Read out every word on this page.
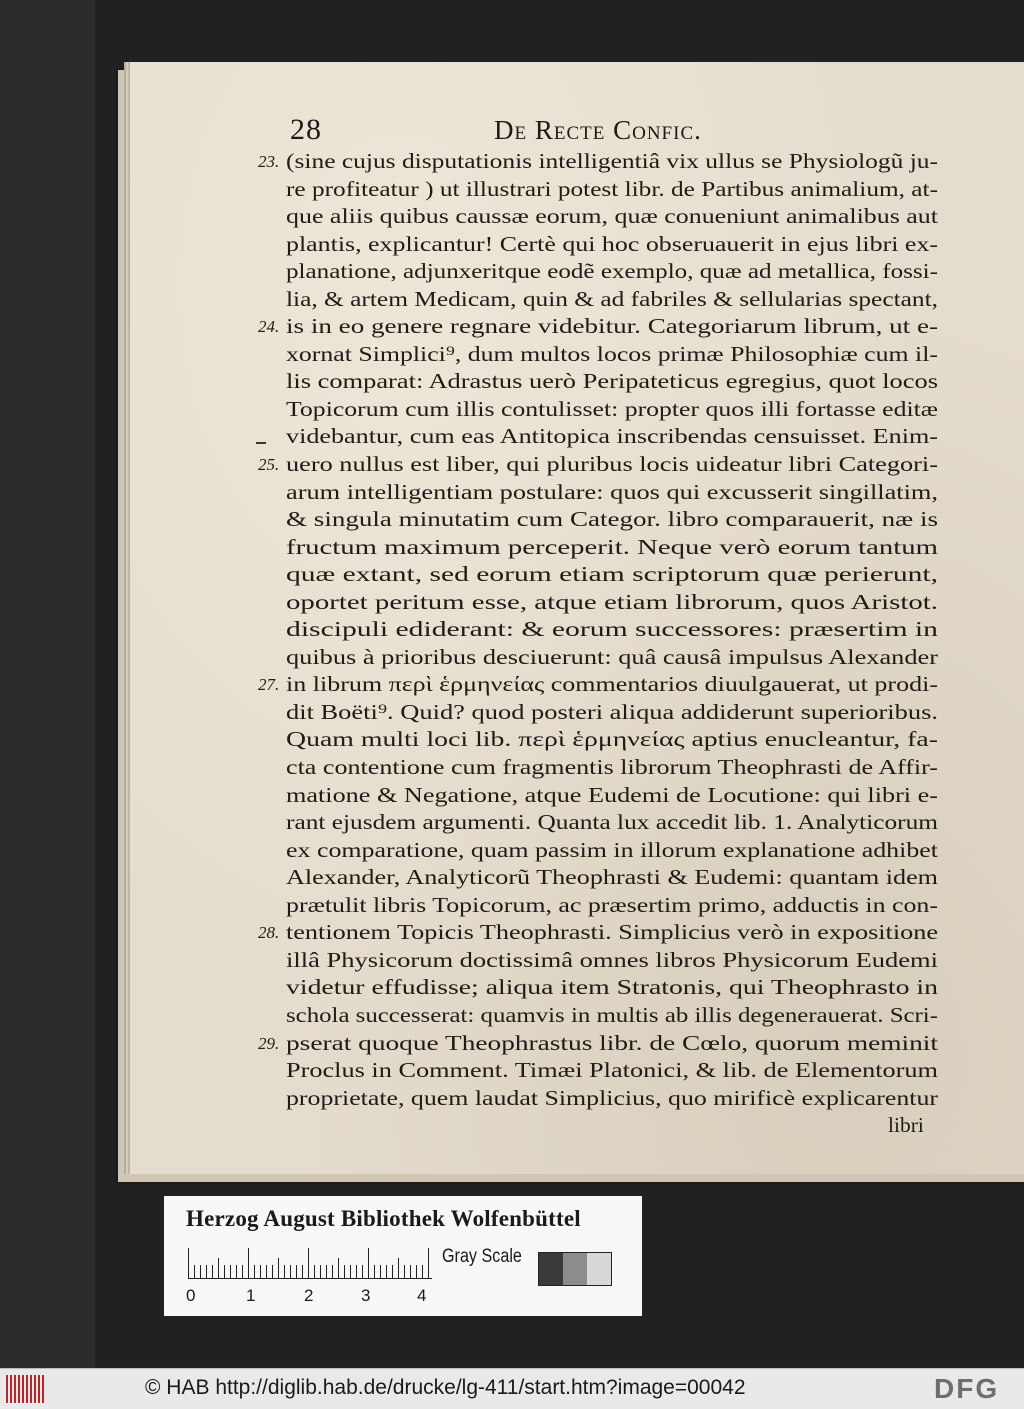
28	De Recte Confic.
23. (sine cujus disputationis intelligentiâ vix ullus se Physiologũ ju-
re profiteatur ) ut illustrari potest libr. de Partibus animalium, at-
que aliis quibus caussæ eorum, quæ conueniunt animalibus aut
plantis, explicantur! Certè qui hoc obseruauerit in ejus libri ex-
planatione, adjunxeritque eodẽ exemplo, quæ ad metallica, fossi-
lia, & artem Medicam, quin & ad fabriles & sellularias spectant,
24. is in eo genere regnare videbitur. Categoriarum librum, ut e-
xornat Simplici⁹, dum multos locos primæ Philosophiæ cum il-
lis comparat: Adrastus uerò Peripateticus egregius, quot locos
Topicorum cum illis contulisset: propter quos illi fortasse editæ
videbantur, cum eas Antitopica inscribendas censuisset. Enim-
25. uero nullus est liber, qui pluribus locis uideatur libri Categori-
arum intelligentiam postulare: quos qui excusserit singillatim,
& singula minutatim cum Categor. libro comparauerit, næ is
fructum maximum perceperit. Neque verò eorum tantum
quæ extant, sed eorum etiam scriptorum quæ perierunt,
oportet peritum esse, atque etiam librorum, quos Aristot.
discipuli ediderant: & eorum successores: præsertim in
quibus à prioribus desciuerunt: quâ causâ impulsus Alexander
27. in librum περὶ ἑρμηνείας commentarios diuulgauerat, ut prodi-
dit Boëti⁹. Quid? quod posteri aliqua addiderunt superioribus.
Quam multi loci lib. περὶ ἑρμηνείας aptius enucleantur, fa-
cta contentione cum fragmentis librorum Theophrasti de Affir-
matione & Negatione, atque Eudemi de Locutione: qui libri e-
rant ejusdem argumenti. Quanta lux accedit lib. 1. Analyticorum
ex comparatione, quam passim in illorum explanatione adhibet
Alexander, Analyticorũ Theophrasti & Eudemi: quantam idem
prætulit libris Topicorum, ac præsertim primo, adductis in con-
28. tentionem Topicis Theophrasti. Simplicius verò in expositione
illâ Physicorum doctissimâ omnes libros Physicorum Eudemi
videtur effudisse; aliqua item Stratonis, qui Theophrasto in
schola successerat: quamvis in multis ab illis degenerauerat. Scri-
29. pserat quoque Theophrastus libr. de Cœlo, quorum meminit
Proclus in Comment. Timæi Platonici, & lib. de Elementorum
proprietate, quem laudat Simplicius, quo mirificè explicarentur
libri
Herzog August Bibliothek Wolfenbüttel
0	1	2	3	4
Gray Scale
© HAB http://diglib.hab.de/drucke/lg-411/start.htm?image=00042	DFG
